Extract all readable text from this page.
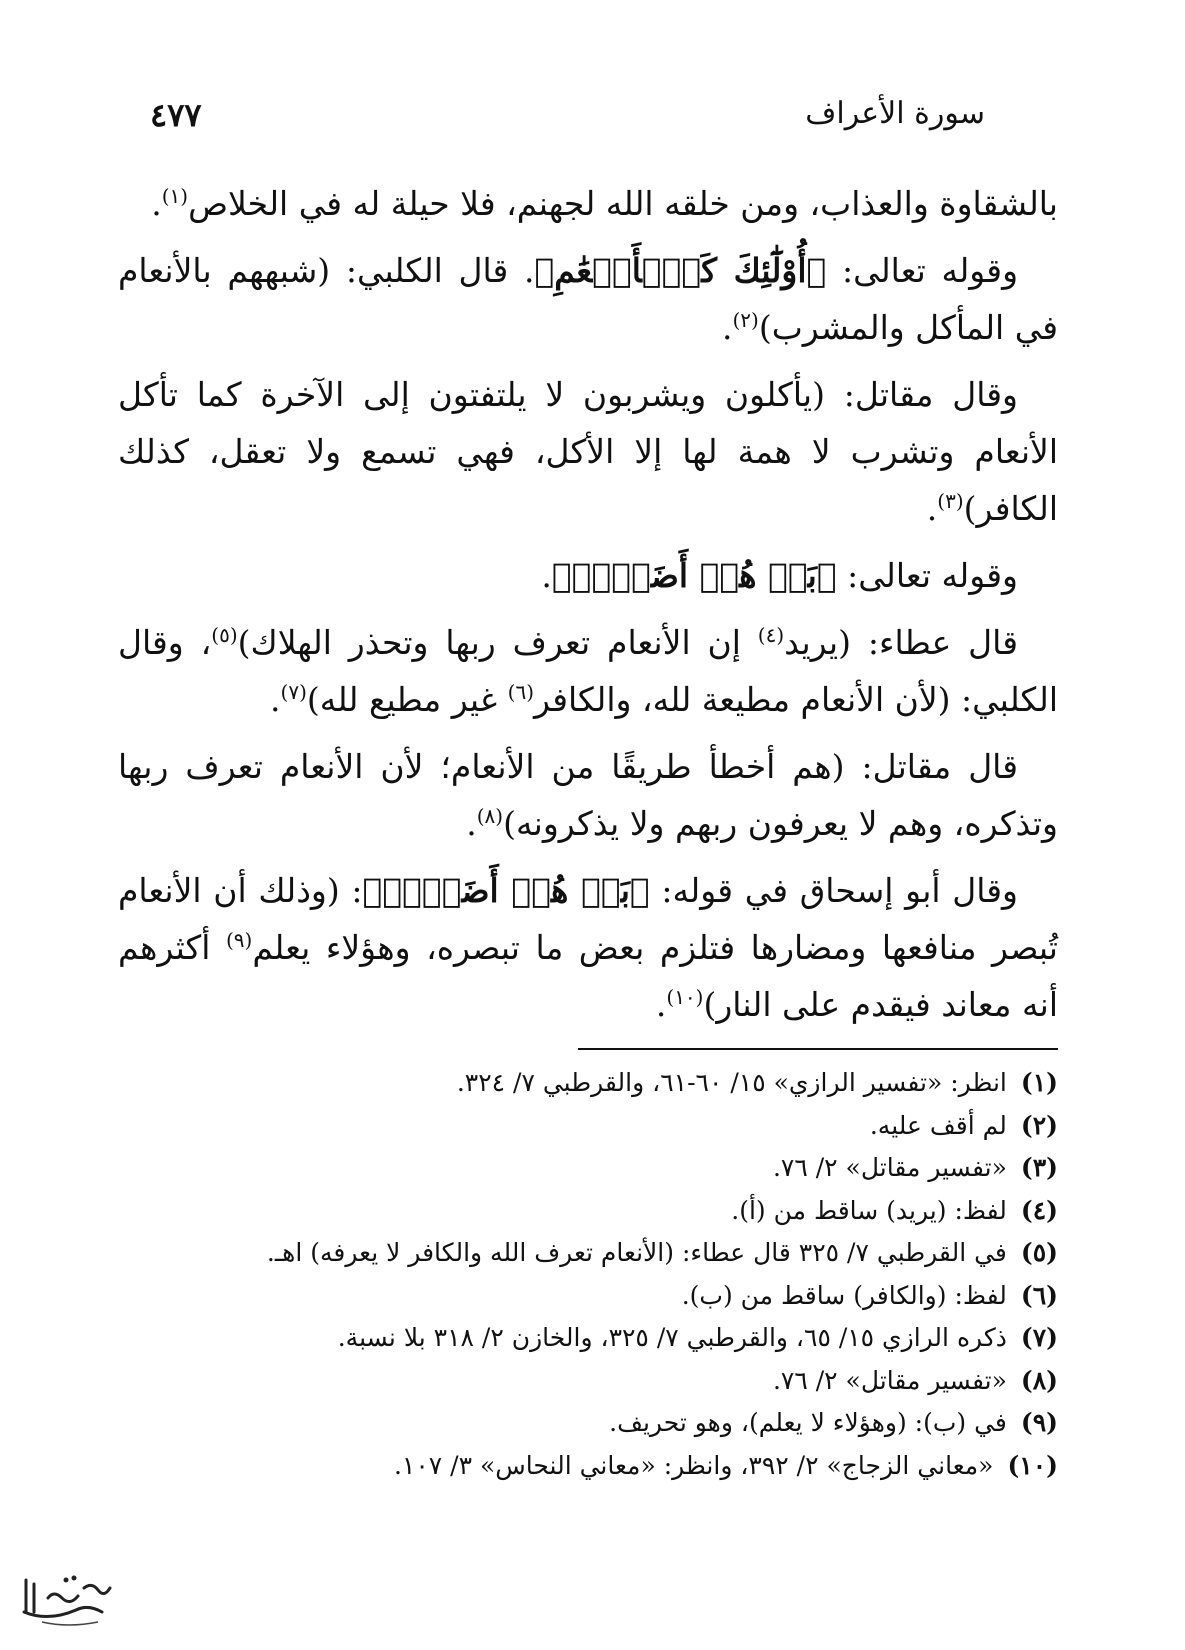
سورة الأعراف
٤٧٧

بالشقاوة والعذاب، ومن خلقه الله لجهنم، فلا حيلة له في الخلاص$^{(١)}$.

وقوله تعالى: ﴿أُوْلَٰٓئِكَ كَٱلۡأَنۡعَٰمِ﴾. قال الكلبي: (شبههم بالأنعام في المأكل والمشرب)$^{(٢)}$.

وقال مقاتل: (يأكلون ويشربون لا يلتفتون إلى الآخرة كما تأكل الأنعام وتشرب لا همة لها إلا الأكل، فهي تسمع ولا تعقل، كذلك الكافر)$^{(٣)}$.

وقوله تعالى: ﴿بَلۡ هُمۡ أَضَلُّۚ﴾.

قال عطاء: (يريد$^{(٤)}$ إن الأنعام تعرف ربها وتحذر الهلاك)$^{(٥)}$، وقال الكلبي: (لأن الأنعام مطيعة لله، والكافر$^{(٦)}$ غير مطيع لله)$^{(٧)}$.

قال مقاتل: (هم أخطأ طريقًا من الأنعام؛ لأن الأنعام تعرف ربها وتذكره، وهم لا يعرفون ربهم ولا يذكرونه)$^{(٨)}$.

وقال أبو إسحاق في قوله: ﴿بَلۡ هُمۡ أَضَلُّۚ﴾: (وذلك أن الأنعام تُبصر منافعها ومضارها فتلزم بعض ما تبصره، وهؤلاء يعلم$^{(٩)}$ أكثرهم أنه معاند فيقدم على النار)$^{(١٠)}$.

(١)انظر: «تفسير الرازي» ١٥/ ٦٠-٦١، والقرطبي ٧/ ٣٢٤.
(٢)لم أقف عليه.
(٣)«تفسير مقاتل» ٢/ ٧٦.
(٤)لفظ: (يريد) ساقط من (أ).
(٥)في القرطبي ٧/ ٣٢٥ قال عطاء: (الأنعام تعرف الله والكافر لا يعرفه) اهـ.
(٦)لفظ: (والكافر) ساقط من (ب).
(٧)ذكره الرازي ١٥/ ٦٥، والقرطبي ٧/ ٣٢٥، والخازن ٢/ ٣١٨ بلا نسبة.
(٨)«تفسير مقاتل» ٢/ ٧٦.
(٩)في (ب): (وهؤلاء لا يعلم)، وهو تحريف.
(١٠)«معاني الزجاج» ٢/ ٣٩٢، وانظر: «معاني النحاس» ٣/ ١٠٧.
